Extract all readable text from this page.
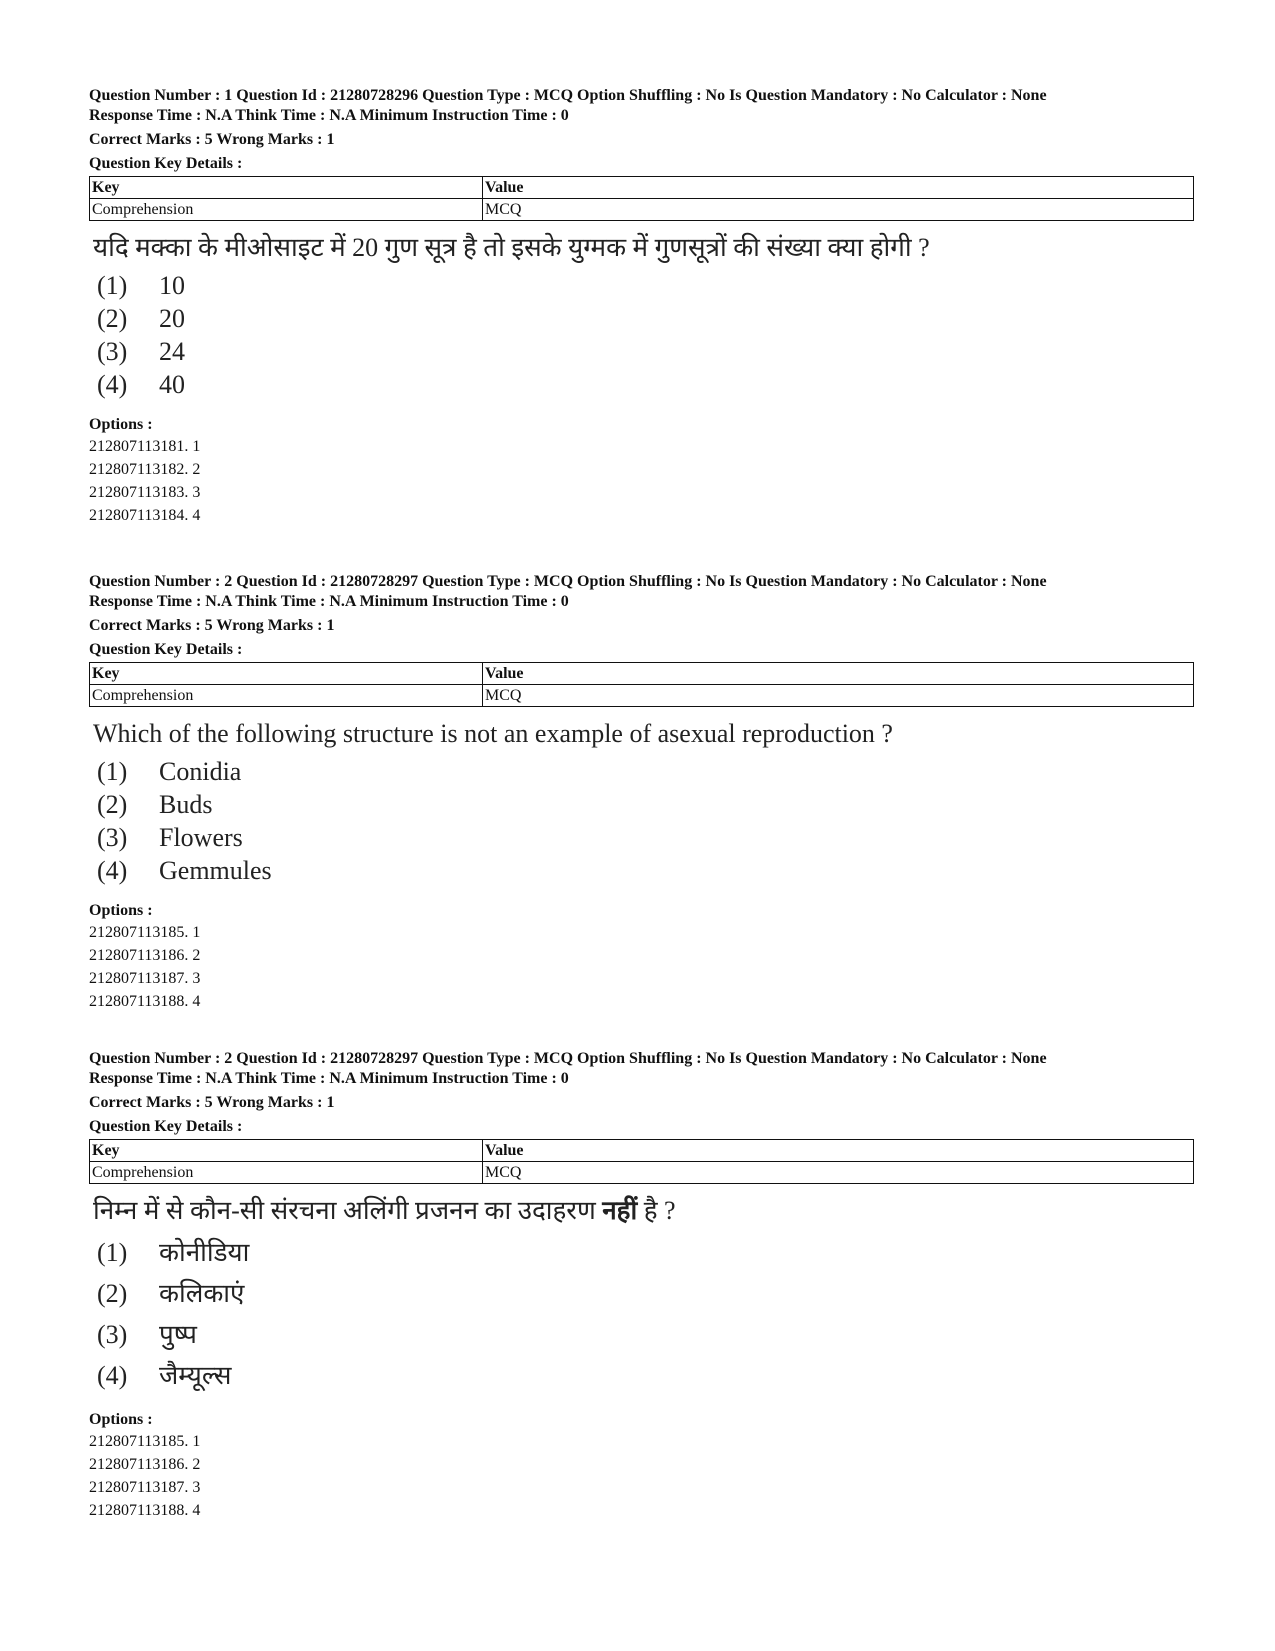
Question Number : 1 Question Id : 21280728296 Question Type : MCQ Option Shuffling : No Is Question Mandatory : No Calculator : None
Response Time : N.A Think Time : N.A Minimum Instruction Time : 0
Correct Marks : 5 Wrong Marks : 1
Question Key Details :
Key	Value
Comprehension	MCQ
यदि मक्का के मीओसाइट में 20 गुण सूत्र है तो इसके युग्मक में गुणसूत्रों की संख्या क्या होगी ?
(1)	10
(2)	20
(3)	24
(4)	40
Options :
212807113181. 1
212807113182. 2
212807113183. 3
212807113184. 4
Question Number : 2 Question Id : 21280728297 Question Type : MCQ Option Shuffling : No Is Question Mandatory : No Calculator : None
Response Time : N.A Think Time : N.A Minimum Instruction Time : 0
Correct Marks : 5 Wrong Marks : 1
Question Key Details :
Key	Value
Comprehension	MCQ
Which of the following structure is not an example of asexual reproduction ?
(1)	Conidia
(2)	Buds
(3)	Flowers
(4)	Gemmules
Options :
212807113185. 1
212807113186. 2
212807113187. 3
212807113188. 4
Question Number : 2 Question Id : 21280728297 Question Type : MCQ Option Shuffling : No Is Question Mandatory : No Calculator : None
Response Time : N.A Think Time : N.A Minimum Instruction Time : 0
Correct Marks : 5 Wrong Marks : 1
Question Key Details :
Key	Value
Comprehension	MCQ
निम्न में से कौन-सी संरचना अलिंगी प्रजनन का उदाहरण नहीं है ?
(1)	कोनीडिया
(2)	कलिकाएं
(3)	पुष्प
(4)	जैम्यूल्स
Options :
212807113185. 1
212807113186. 2
212807113187. 3
212807113188. 4
